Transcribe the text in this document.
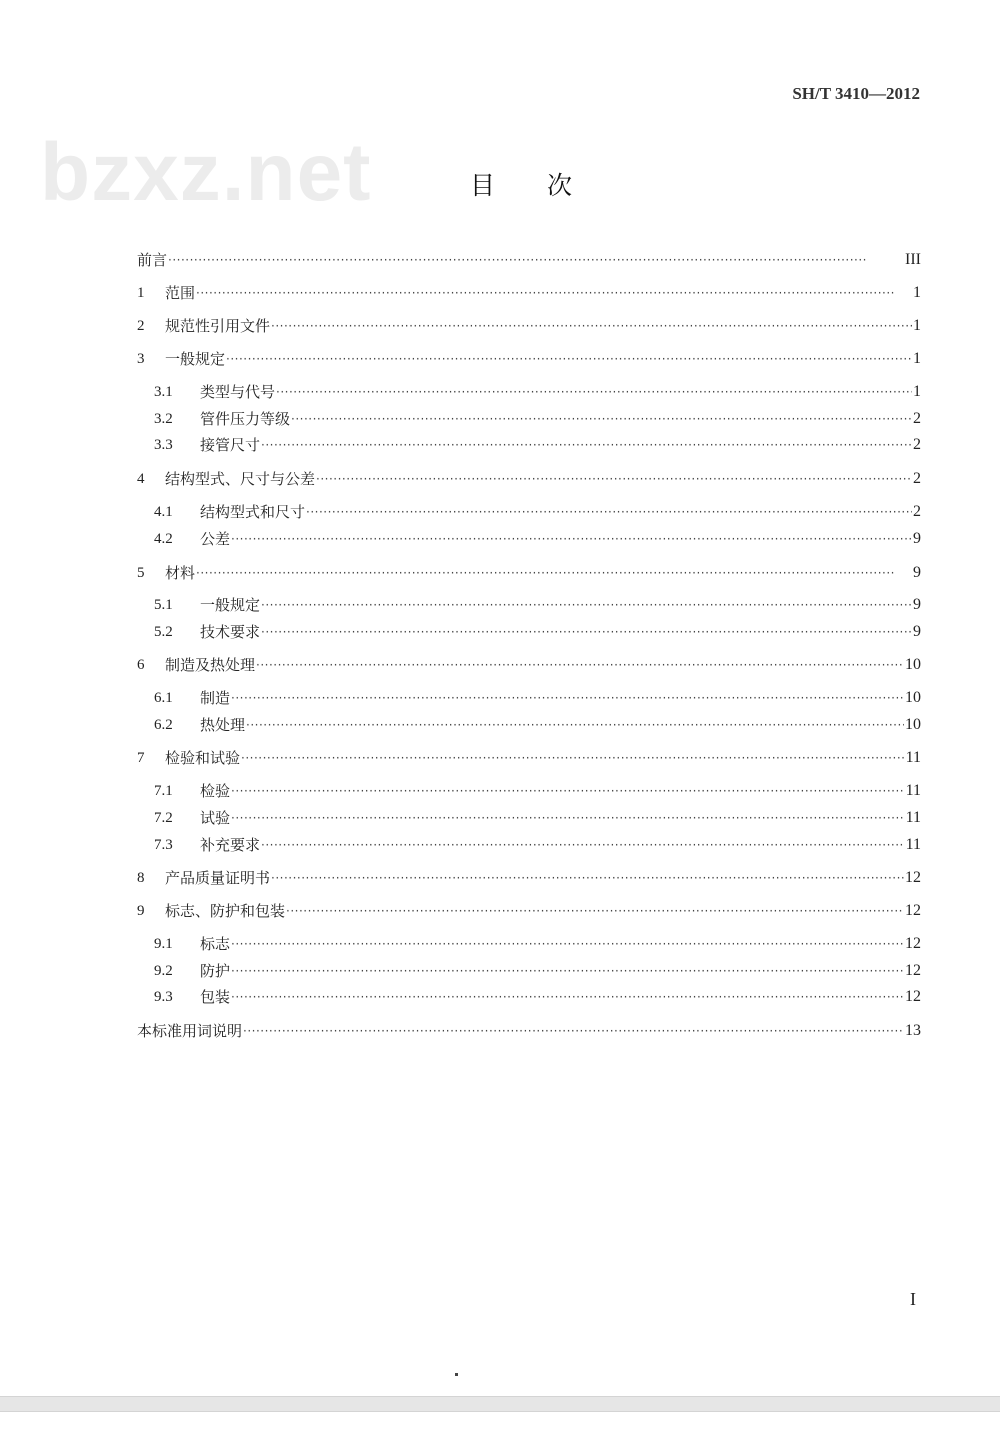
SH/T 3410—2012
bzxz.net	目次
前言 ·····	III
1	范围 ·····	1
2	规范性引用文件 ·····	1
3	一般规定 ·····	1
3.1	类型与代号 ·····	1
3.2	管件压力等级 ·····	2
3.3	接管尺寸 ·····	2
4	结构型式、尺寸与公差 ·····	2
4.1	结构型式和尺寸 ·····	2
4.2	公差 ·····	9
5	材料 ·····	9
5.1	一般规定 ·····	9
5.2	技术要求 ·····	9
6	制造及热处理 ·····	10
6.1	制造 ·····	10
6.2	热处理 ·····	10
7	检验和试验 ·····	11
7.1	检验 ·····	11
7.2	试验 ·····	11
7.3	补充要求 ·····	11
8	产品质量证明书 ·····	12
9	标志、防护和包装 ·····	12
9.1	标志 ·····	12
9.2	防护 ·····	12
9.3	包装 ·····	12
本标准用词说明 ·····	13
I
